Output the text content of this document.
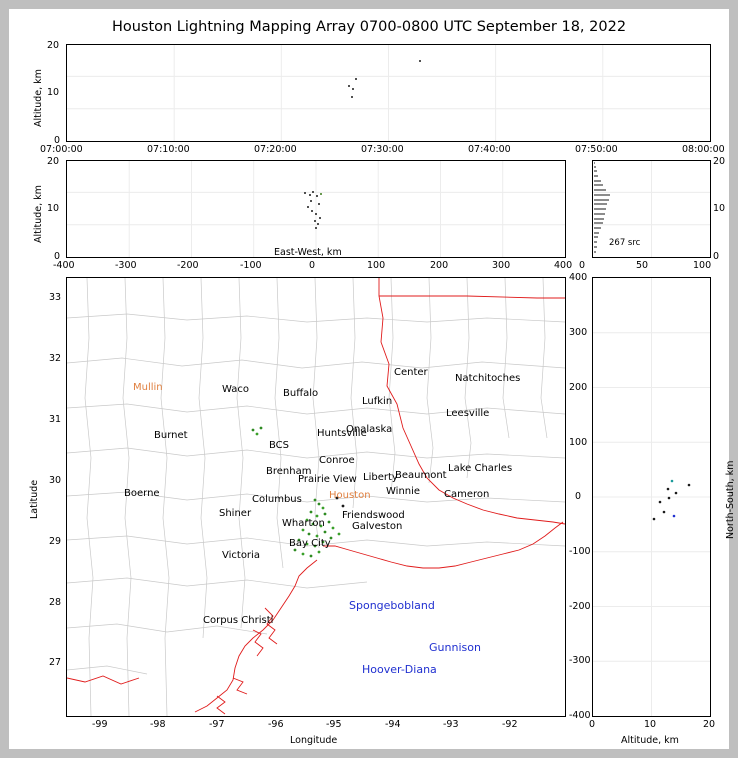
Houston Lightning Mapping Array 0700-0800 UTC September 18, 2022
Altitude, km
20
10
0
07:00:00	07:10:00	07:20:00	07:30:00	07:40:00	07:50:00	08:00:00
Altitude, km
20
10
0
-400	-300	-200	-100	0	100	200	300	400
East-West, km
20
10
0
0	50	100
267 src
Mullin	Waco	Buffalo
Lufkin
Center
Natchitoches
Leesville
Burnet
BCS
Huntsville
Onalaska
Conroe
Brenham	Lake Charles
Prairie View Liberty
Beaumont
Winnie Cameron
Boerne
Columbus	Houston
Shiner
Wharton
Friendswood
Galveston
Bay City
Victoria
Corpus Christi
Spongebobland
Gunnison
Hoover-Diana
Latitude
Longitude
33
32
31
30
29
28
27
-99	-98	-97	-96	-95	-94	-93	-92
North-South, km
Altitude, km
400
300
200
100
0
-100
-200
-300
-400
0	10	20
